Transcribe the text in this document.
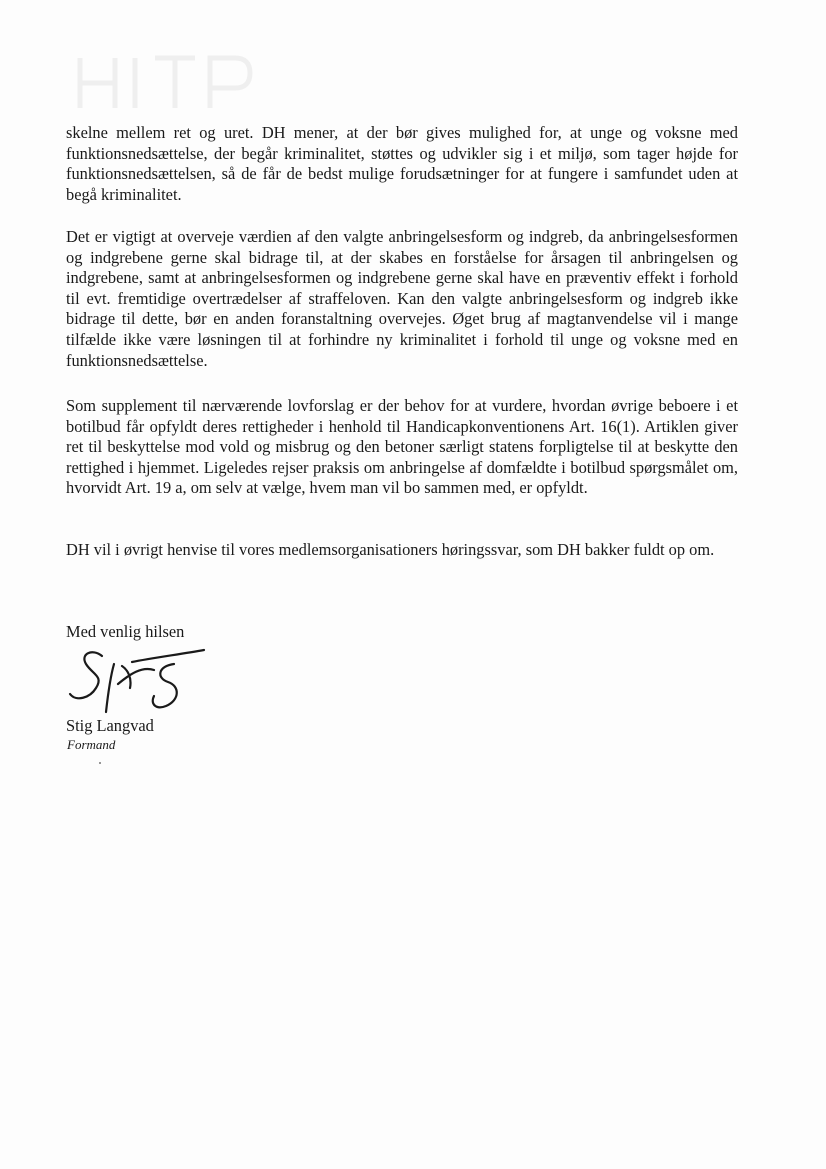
skelne mellem ret og uret. DH mener, at der bør gives mulighed for, at unge og voksne med funktionsnedsættelse, der begår kriminalitet, støttes og udvikler sig i et miljø, som tager højde for funktionsnedsættelsen, så de får de bedst mulige forudsætninger for at fungere i samfundet uden at begå kriminalitet.

Det er vigtigt at overveje værdien af den valgte anbringelsesform og indgreb, da anbringelsesformen og indgrebene gerne skal bidrage til, at der skabes en forståelse for årsagen til anbringelsen og indgrebene, samt at anbringelsesformen og indgrebene gerne skal have en præventiv effekt i forhold til evt. fremtidige overtrædelser af straffeloven. Kan den valgte anbringelsesform og indgreb ikke bidrage til dette, bør en anden foranstaltning overvejes. Øget brug af magtanvendelse vil i mange tilfælde ikke være løsningen til at forhindre ny kriminalitet i forhold til unge og voksne med en funktionsnedsættelse.

Som supplement til nærværende lovforslag er der behov for at vurdere, hvordan øvrige beboere i et botilbud får opfyldt deres rettigheder i henhold til Handicapkonventionens Art. 16(1). Artiklen giver ret til beskyttelse mod vold og misbrug og den betoner særligt statens forpligtelse til at beskytte den rettighed i hjemmet. Ligeledes rejser praksis om anbringelse af domfældte i botilbud spørgsmålet om, hvorvidt Art. 19 a, om selv at vælge, hvem man vil bo sammen med, er opfyldt.

DH vil i øvrigt henvise til vores medlemsorganisationers høringssvar, som DH bakker fuldt op om.

Med venlig hilsen
Stig Langvad
Formand
